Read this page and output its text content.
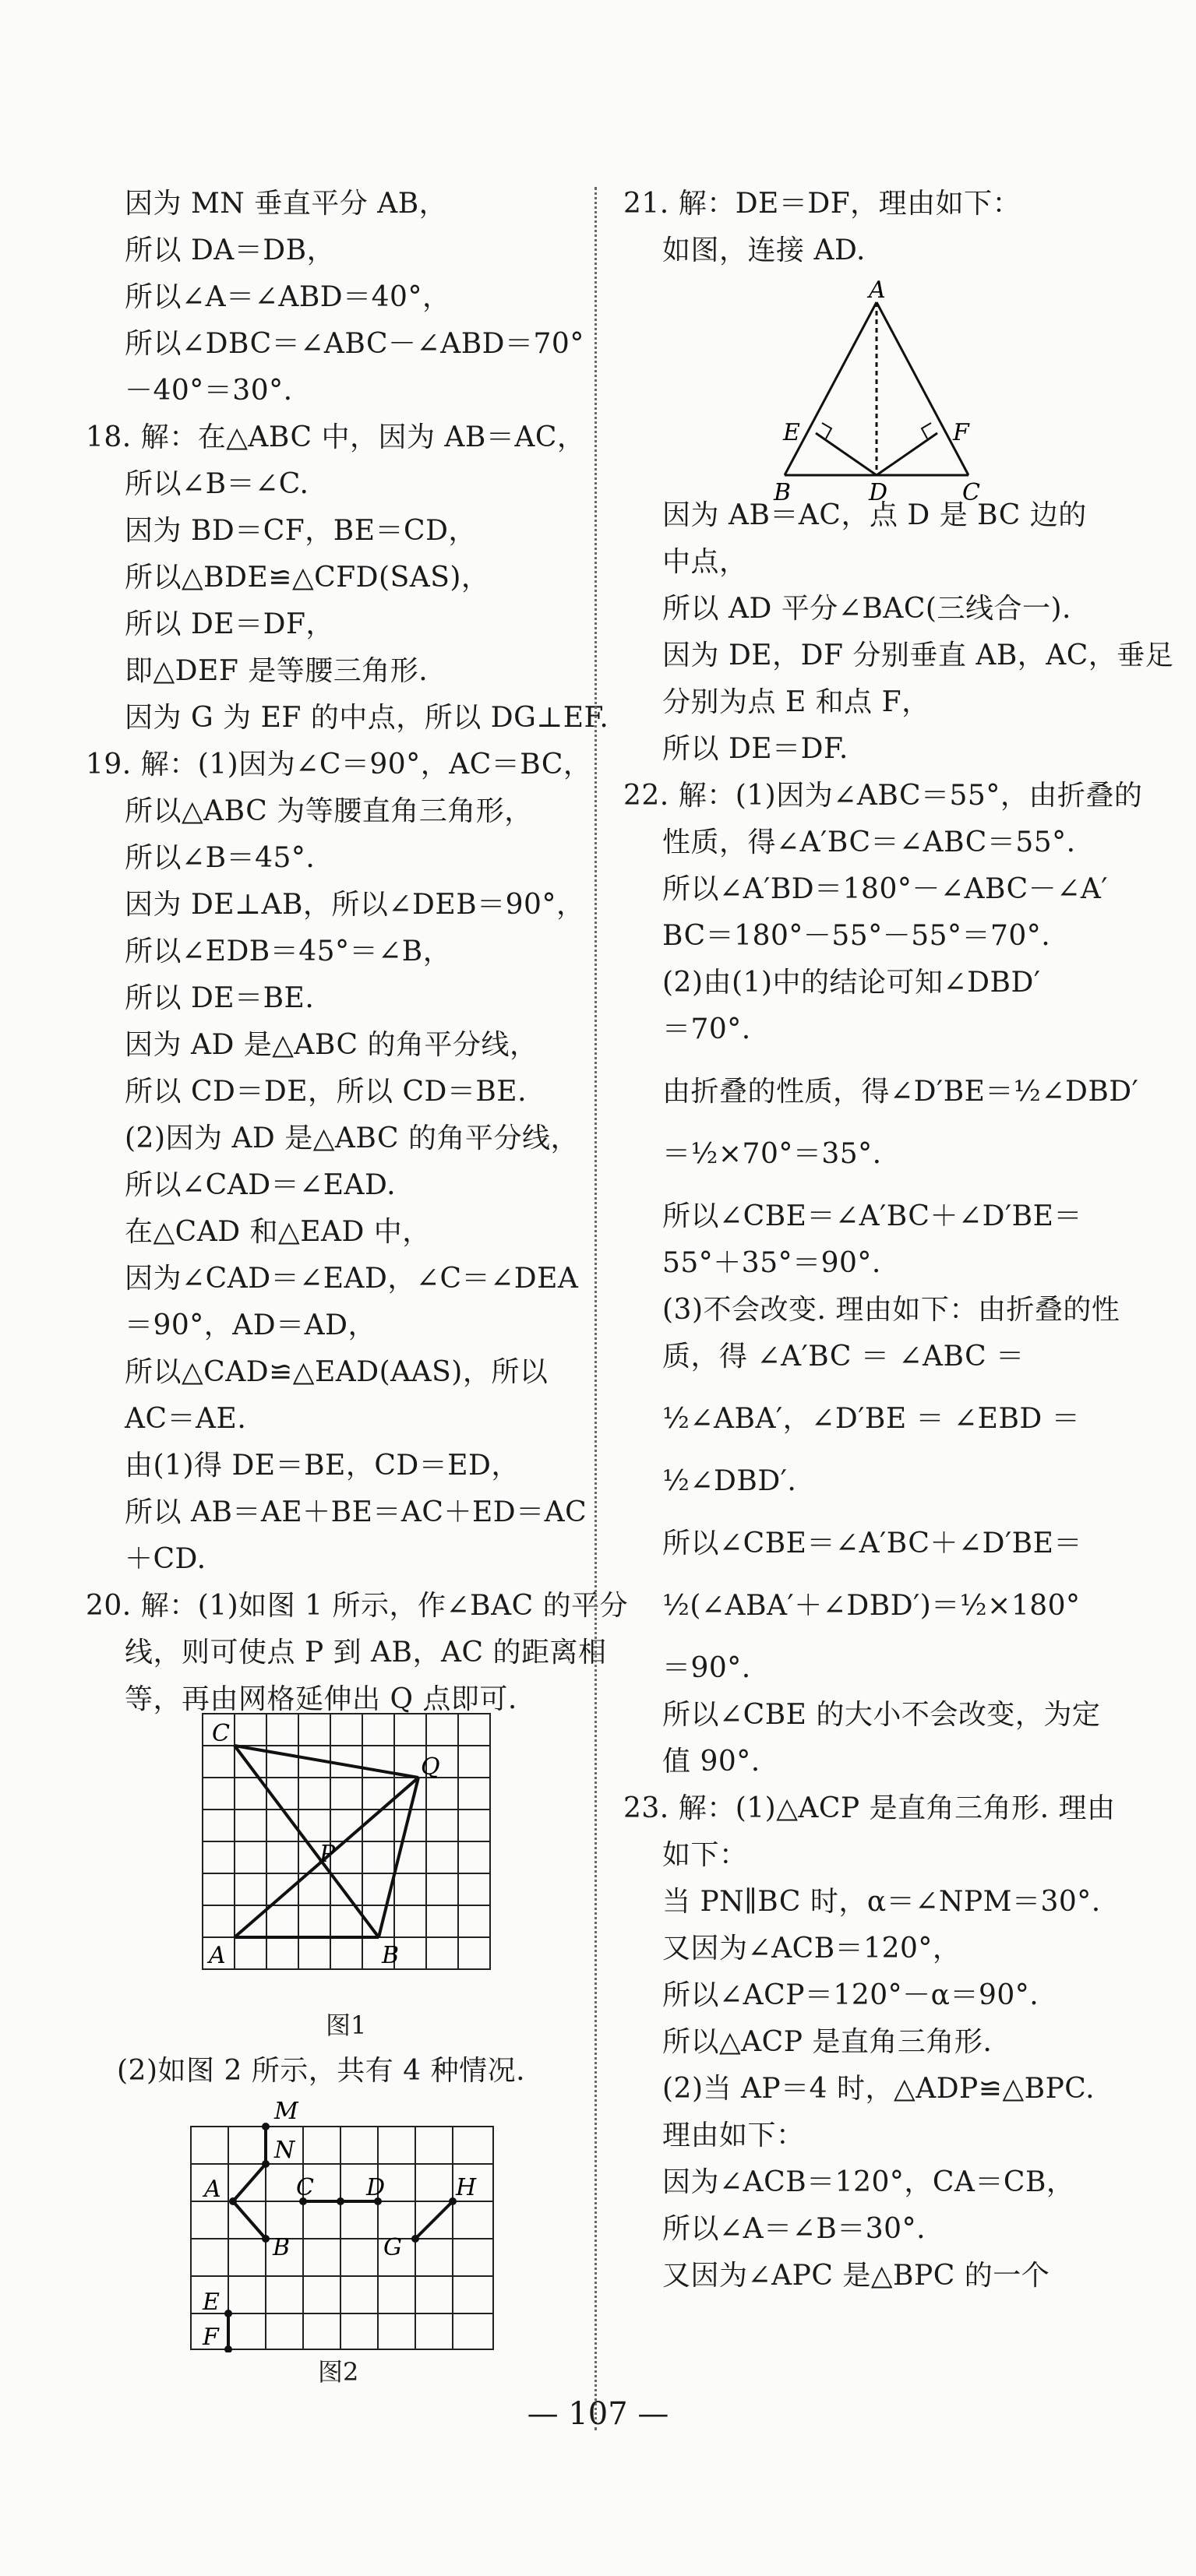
因为 MN 垂直平分 AB，
所以 DA＝DB，
所以∠A＝∠ABD＝40°，
所以∠DBC＝∠ABC－∠ABD＝70°
－40°＝30°.
18. 解：在△ABC 中，因为 AB＝AC，
所以∠B＝∠C.
因为 BD＝CF，BE＝CD，
所以△BDE≌△CFD(SAS)，
所以 DE＝DF，
即△DEF 是等腰三角形.
因为 G 为 EF 的中点，所以 DG⊥EF.
19. 解：(1)因为∠C＝90°，AC＝BC，
所以△ABC 为等腰直角三角形，
所以∠B＝45°.
因为 DE⊥AB，所以∠DEB＝90°，
所以∠EDB＝45°＝∠B，
所以 DE＝BE.
因为 AD 是△ABC 的角平分线，
所以 CD＝DE，所以 CD＝BE.
(2)因为 AD 是△ABC 的角平分线，
所以∠CAD＝∠EAD.
在△CAD 和△EAD 中，
因为∠CAD＝∠EAD，∠C＝∠DEA
＝90°，AD＝AD，
所以△CAD≌△EAD(AAS)，所以
AC＝AE.
由(1)得 DE＝BE，CD＝ED，
所以 AB＝AE＋BE＝AC＋ED＝AC
＋CD.
20. 解：(1)如图 1 所示，作∠BAC 的平分
线，则可使点 P 到 AB，AC 的距离相
等，再由网格延伸出 Q 点即可.
21. 解：DE＝DF，理由如下：
如图，连接 AD.
因为 AB＝AC，点 D 是 BC 边的
中点，
所以 AD 平分∠BAC(三线合一).
因为 DE，DF 分别垂直 AB，AC，垂足
分别为点 E 和点 F，
所以 DE＝DF.
22. 解：(1)因为∠ABC＝55°，由折叠的
性质，得∠A′BC＝∠ABC＝55°.
所以∠A′BD＝180°－∠ABC－∠A′
BC＝180°－55°－55°＝70°.
(2)由(1)中的结论可知∠DBD′
＝70°.
由折叠的性质，得∠D′BE＝½∠DBD′
＝½×70°＝35°.
所以∠CBE＝∠A′BC＋∠D′BE＝
55°＋35°＝90°.
(3)不会改变. 理由如下：由折叠的性
质，得 ∠A′BC ＝ ∠ABC ＝
½∠ABA′，∠D′BE ＝ ∠EBD ＝
½∠DBD′.
所以∠CBE＝∠A′BC＋∠D′BE＝
½(∠ABA′＋∠DBD′)＝½×180°
＝90°.
所以∠CBE 的大小不会改变，为定
值 90°.
23. 解：(1)△ACP 是直角三角形. 理由
如下：
当 PN∥BC 时，α＝∠NPM＝30°.
又因为∠ACB＝120°，
所以∠ACP＝120°－α＝90°.
所以△ACP 是直角三角形.
(2)当 AP＝4 时，△ADP≌△BPC.
理由如下：
因为∠ACB＝120°，CA＝CB，
所以∠A＝∠B＝30°.
又因为∠APC 是△BPC 的一个
C
Q
P
A	B
图1
(2)如图 2 所示，共有 4 种情况.
M
N
A	C D	H
B	G
E
F
图2
A
E	F
B	D	C
— 107 —
